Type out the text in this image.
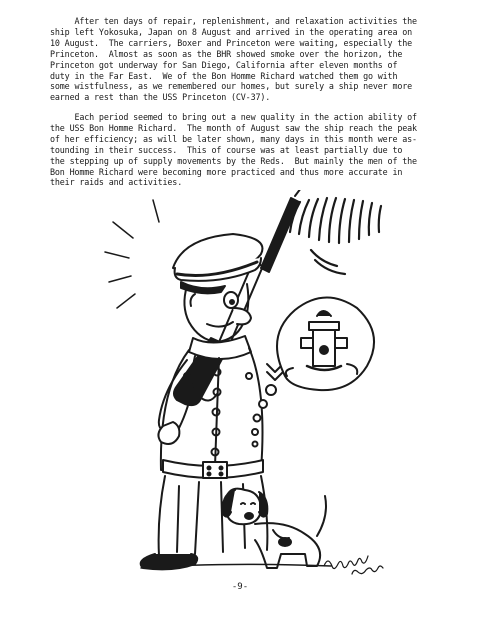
After ten days of repair, replenishment, and relaxation activities the
ship left Yokosuka, Japan on 8 August and arrived in the operating area on
10 August.  The carriers, Boxer and Princeton were waiting, especially the
Princeton.  Almost as soon as the BHR showed smoke over the horizon, the
Princeton got underway for San Diego, California after eleven months of
duty in the Far East.  We of the Bon Homme Richard watched them go with
some wistfulness, as we remembered our homes, but surely a ship never more
earned a rest than the USS Princeton (CV-37).
Each period seemed to bring out a new quality in the action ability of
the USS Bon Homme Richard.  The month of August saw the ship reach the peak
of her efficiency; as will be later shown, many days in this month were as-
tounding in their success.  This of course was at least partially due to
the stepping up of supply movements by the Reds.  But mainly the men of the
Bon Homme Richard were becoming more practiced and thus more accurate in
their raids and activities.
-9-
